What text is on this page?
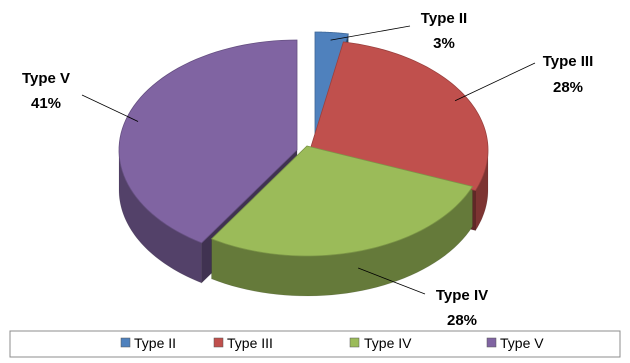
Type II
3%
Type III
28%
Type IV
28%
Type V
41%
Type II	Type III	Type IV	Type V
